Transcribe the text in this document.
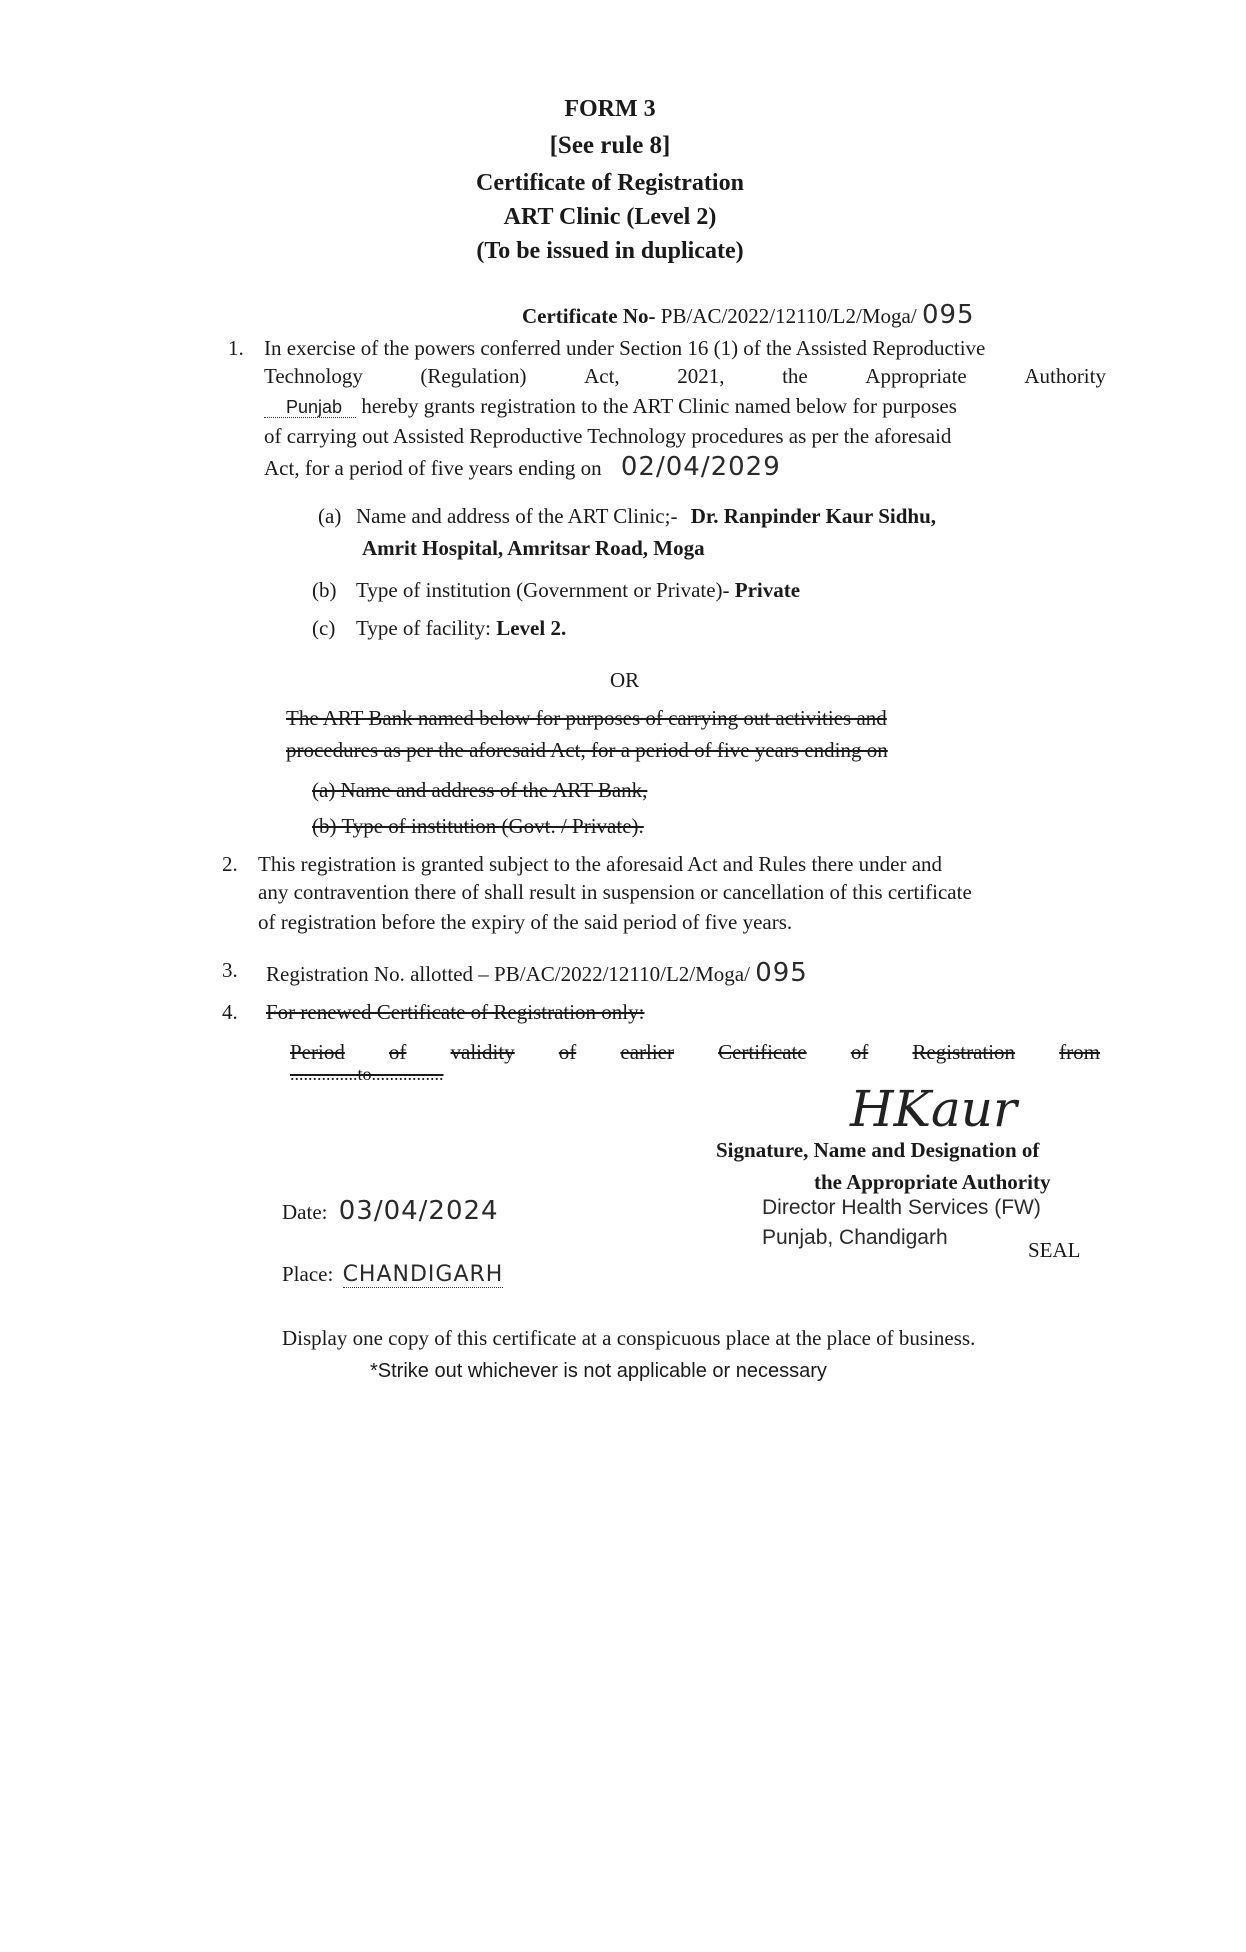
FORM 3
[See rule 8]
Certificate of Registration
ART Clinic (Level 2)
(To be issued in duplicate)
Certificate No- PB/AC/2022/12110/L2/Moga/ 095
1. In exercise of the powers conferred under Section 16 (1) of the Assisted Reproductive
Technology	(Regulation)	Act,	2021,	the	Appropriate	Authority
Punjab hereby grants registration to the ART Clinic named below for purposes
of carrying out Assisted Reproductive Technology procedures as per the aforesaid
Act, for a period of five years ending on 02/04/2029
(a) Name and address of the ART Clinic;- Dr. Ranpinder Kaur Sidhu,
Amrit Hospital, Amritsar Road, Moga
(b) Type of institution (Government or Private)- Private
(c) Type of facility: Level 2.
OR
The ART Bank named below for purposes of carrying out activities and
procedures as per the aforesaid Act, for a period of five years ending on
(a) Name and address of the ART Bank,
(b) Type of institution (Govt. / Private).
2. This registration is granted subject to the aforesaid Act and Rules there under and
any contravention there of shall result in suspension or cancellation of this certificate
of registration before the expiry of the said period of five years.
3. Registration No. allotted – PB/AC/2022/12110/L2/Moga/ 095
4. For renewed Certificate of Registration only:
Period of validity of earlier Certificate of Registration from
...............to................
HKaur
Signature, Name and Designation of
the Appropriate Authority
Director Health Services (FW)
Punjab, Chandigarh
SEAL
Date: 03/04/2024
Place: CHANDIGARH
Display one copy of this certificate at a conspicuous place at the place of business.
*Strike out whichever is not applicable or necessary
